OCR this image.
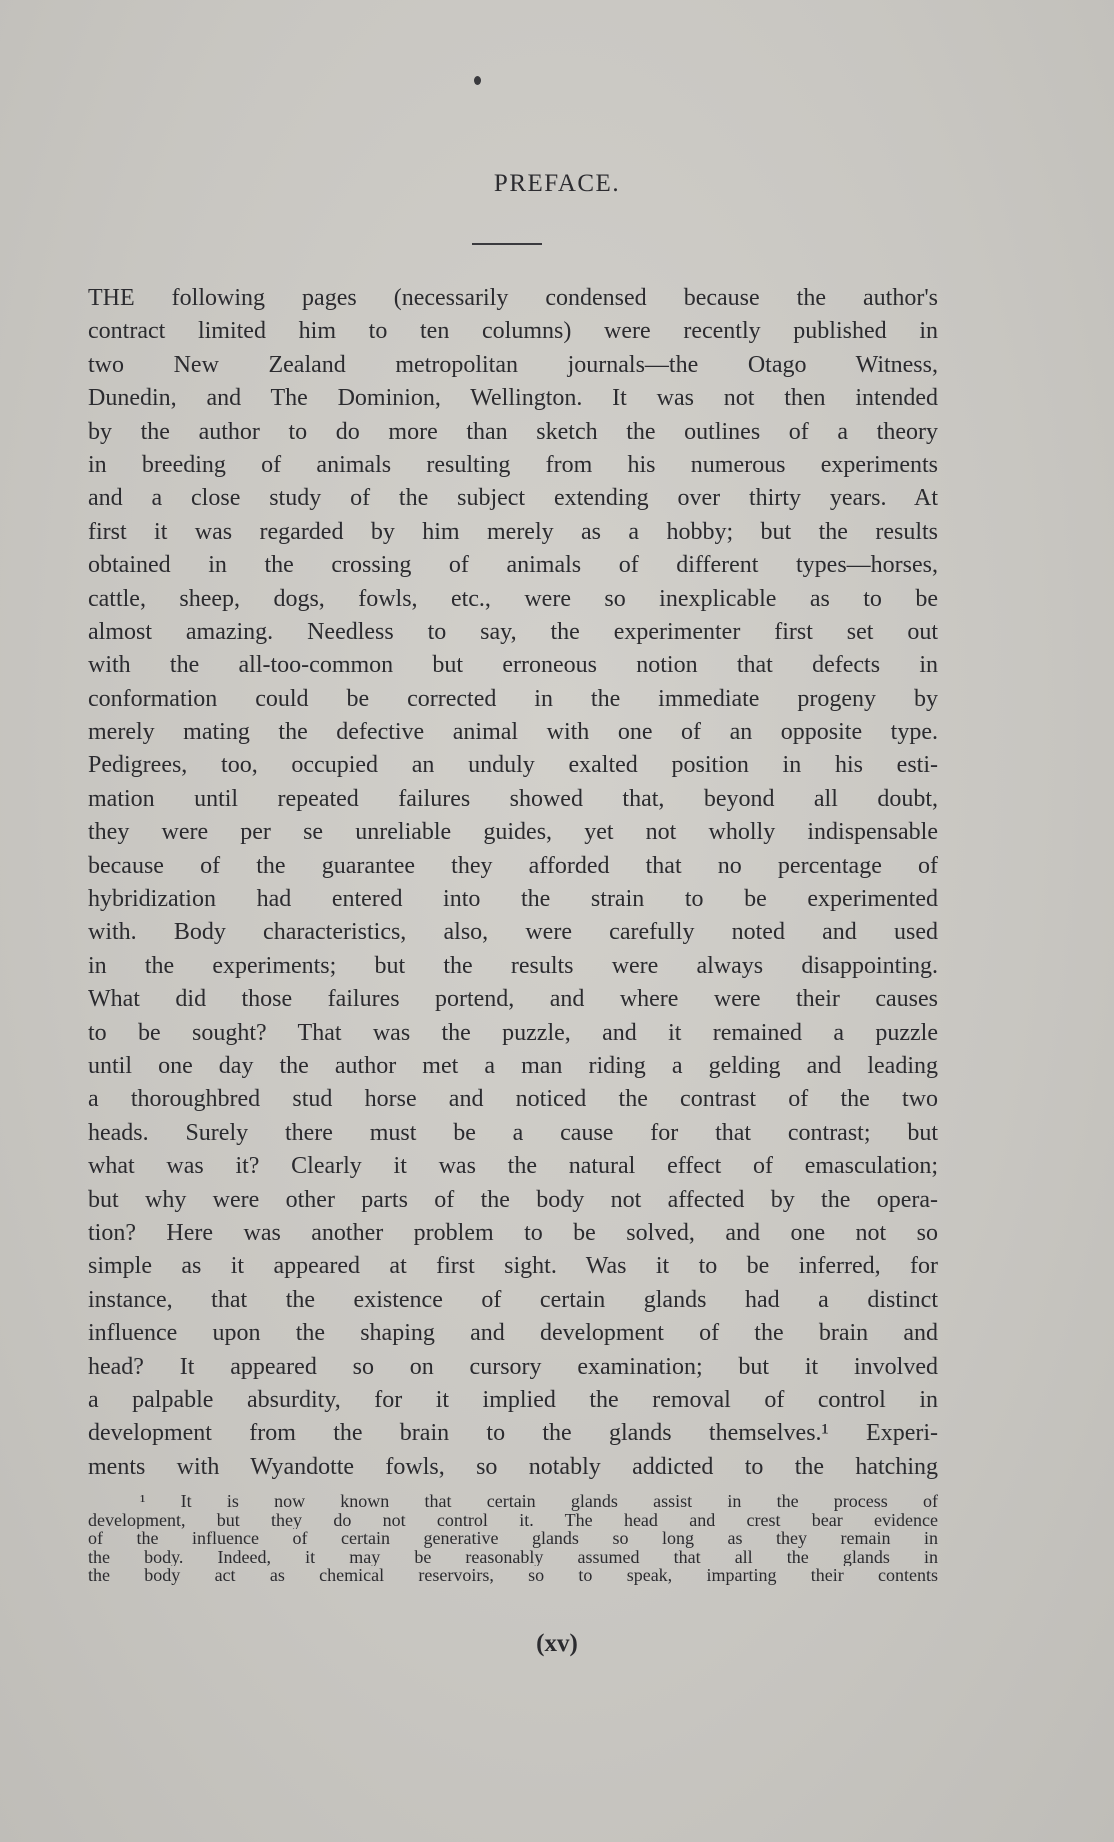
PREFACE.
THE following pages (necessarily condensed because the author's
contract limited him to ten columns) were recently published in
two New Zealand metropolitan journals—the Otago Witness,
Dunedin, and The Dominion, Wellington. It was not then intended
by the author to do more than sketch the outlines of a theory
in breeding of animals resulting from his numerous experiments
and a close study of the subject extending over thirty years. At
first it was regarded by him merely as a hobby; but the results
obtained in the crossing of animals of different types—horses,
cattle, sheep, dogs, fowls, etc., were so inexplicable as to be
almost amazing. Needless to say, the experimenter first set out
with the all-too-common but erroneous notion that defects in
conformation could be corrected in the immediate progeny by
merely mating the defective animal with one of an opposite type.
Pedigrees, too, occupied an unduly exalted position in his esti-
mation until repeated failures showed that, beyond all doubt,
they were per se unreliable guides, yet not wholly indispensable
because of the guarantee they afforded that no percentage of
hybridization had entered into the strain to be experimented
with. Body characteristics, also, were carefully noted and used
in the experiments; but the results were always disappointing.
What did those failures portend, and where were their causes
to be sought? That was the puzzle, and it remained a puzzle
until one day the author met a man riding a gelding and leading
a thoroughbred stud horse and noticed the contrast of the two
heads. Surely there must be a cause for that contrast; but
what was it? Clearly it was the natural effect of emasculation;
but why were other parts of the body not affected by the opera-
tion? Here was another problem to be solved, and one not so
simple as it appeared at first sight. Was it to be inferred, for
instance, that the existence of certain glands had a distinct
influence upon the shaping and development of the brain and
head? It appeared so on cursory examination; but it involved
a palpable absurdity, for it implied the removal of control in
development from the brain to the glands themselves.¹ Experi-
ments with Wyandotte fowls, so notably addicted to the hatching
¹ It is now known that certain glands assist in the process of
development, but they do not control it. The head and crest bear evidence
of the influence of certain generative glands so long as they remain in
the body. Indeed, it may be reasonably assumed that all the glands in
the body act as chemical reservoirs, so to speak, imparting their contents
(xv)
